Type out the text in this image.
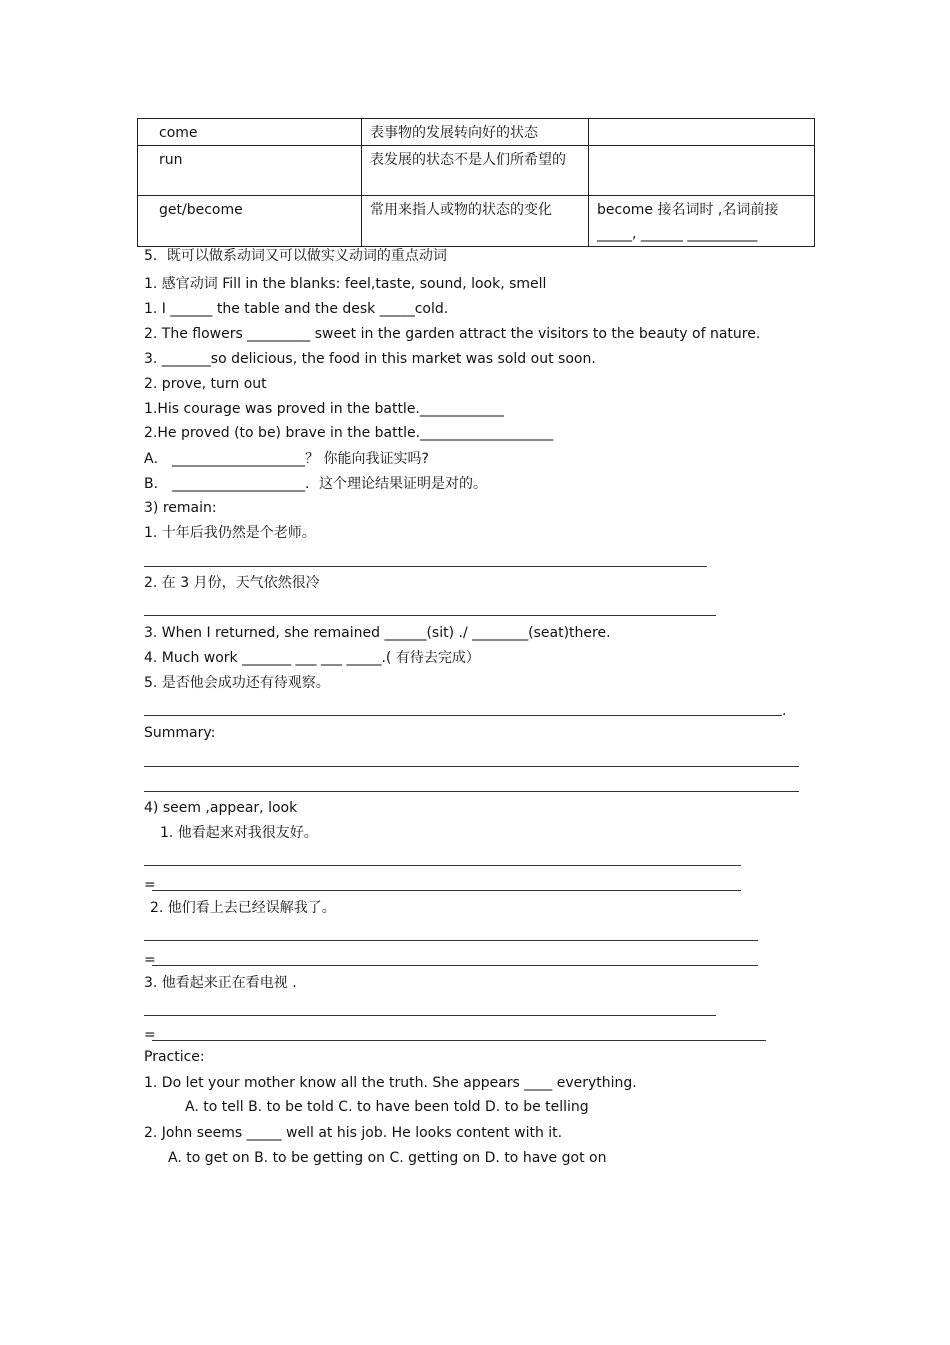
come	表事物的发展转向好的状态	
run	表发展的状态不是人们所希望的	
get/become	常用来指人或物的状态的变化	become 接名词时 ,名词前接 _____, ______ __________
5．既可以做系动词又可以做实义动词的重点动词
1. 感官动词 Fill in the blanks: feel,taste, sound, look, smell
1. I ______ the table and the desk _____cold.
2. The flowers _________ sweet in the garden attract the visitors to the beauty of nature.
3. _______so delicious, the food in this market was sold out soon.
2. prove, turn out
1.His courage was proved in the battle.____________
2.He proved (to be) brave in the battle.___________________
A． ___________________？ 你能向我证实吗?
B． ___________________．这个理论结果证明是对的。
3) remain:
1. 十年后我仍然是个老师。
2. 在 3 月份，天气依然很冷
3. When I returned, she remained ______(sit) ./ ________(seat)there.
4. Much work _______ ___ ___ _____.( 有待去完成）
5. 是否他会成功还有待观察。
.
Summary:
4) seem ,appear, look
1. 他看起来对我很友好。
=
2. 他们看上去已经误解我了。
=
3. 他看起来正在看电视 .
=
Practice:
1. Do let your mother know all the truth. She appears ____ everything.
A. to tell B. to be told C. to have been told D. to be telling
2. John seems _____ well at his job. He looks content with it.
A. to get on B. to be getting on C. getting on D. to have got on
